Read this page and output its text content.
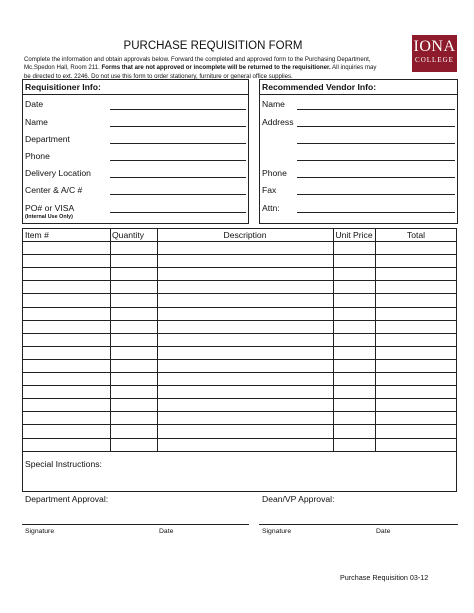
PURCHASE REQUISITION FORM	IONA
COLLEGE
Complete the information and obtain approvals below. Forward the completed and approved form to the Purchasing Department,
Mc.Spedon Hall, Room 211. Forms that are not approved or incomplete will be returned to the requisitioner. All inquiries may
be directed to ext. 2246. Do not use this form to order stationery, furniture or general office supplies.
Requisitioner Info:
Date
Name
Department
Phone
Delivery Location
Center & A/C #
PO# or VISA
(Internal Use Only)
Recommended Vendor Info:
Name
Address
Phone
Fax
Attn:
Item #	Quantity	Description	Unit Price	Total
Special Instructions:
Department Approval:	Dean/VP Approval:
Signature	Date	Signature	Date
Purchase Requisition 03-12
